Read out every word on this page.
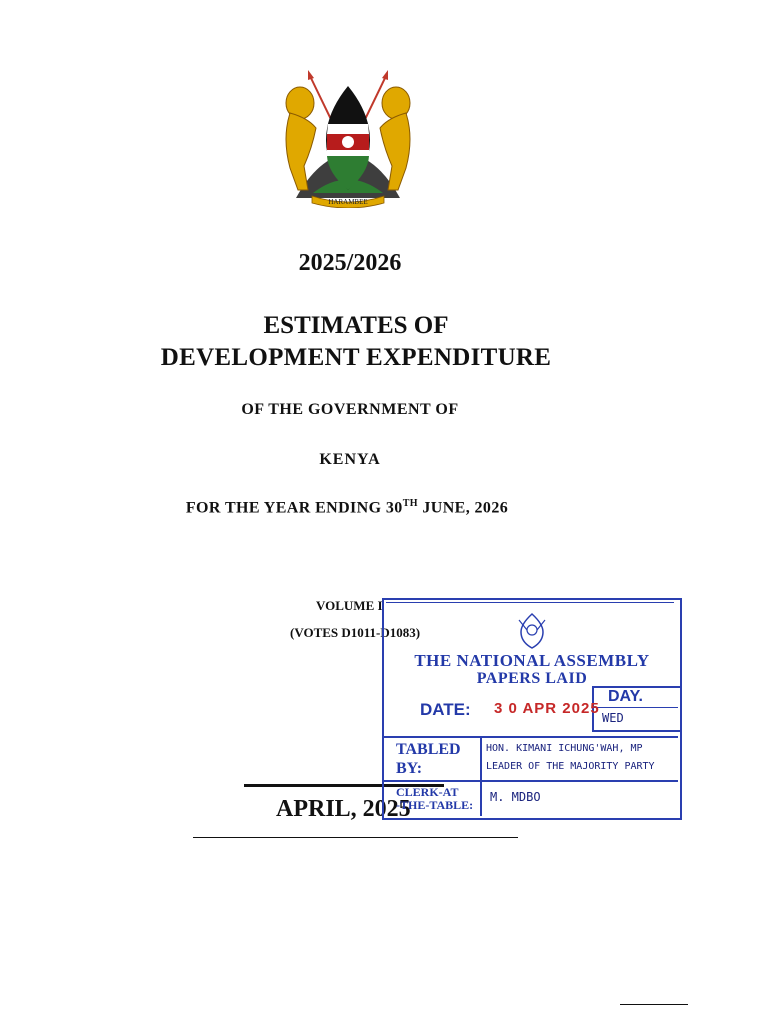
HARAMBEE
2025/2026
ESTIMATES OF
DEVELOPMENT EXPENDITURE
OF THE GOVERNMENT OF
KENYA
FOR THE YEAR ENDING 30TH JUNE, 2026
VOLUME I
(VOTES D1011-D1083)
APRIL, 2025
THE NATIONAL ASSEMBLY
PAPERS LAID
DATE: 3 0 APR 2025
DAY.
WED
TABLED
BY:
HON. KIMANI ICHUNG'WAH, MP
LEADER OF THE MAJORITY PARTY
CLERK-AT
-THE-TABLE:
M. MDBO
